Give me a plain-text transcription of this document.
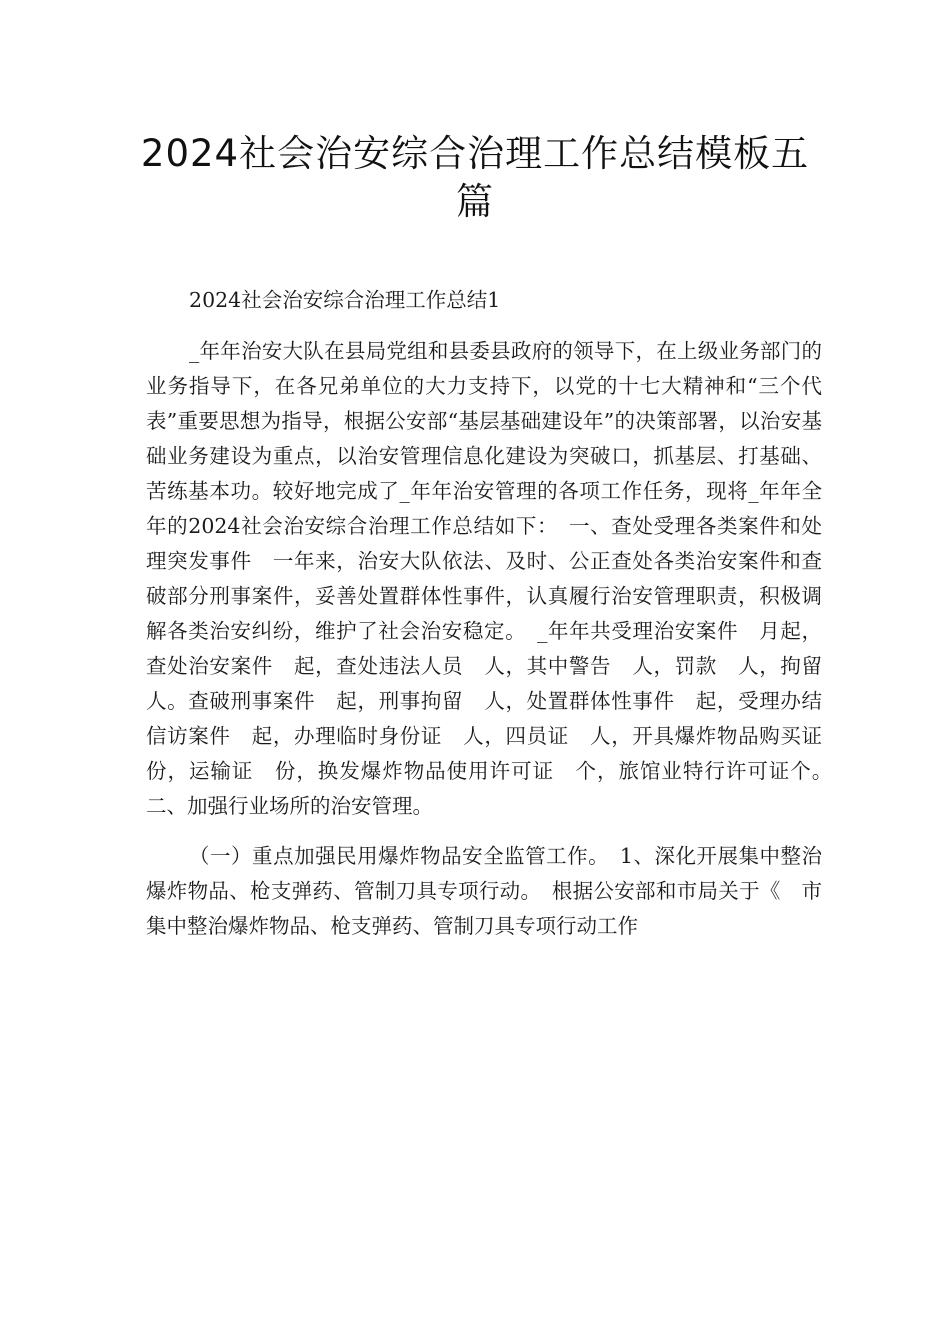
2024社会治安综合治理工作总结模板五
篇

2024社会治安综合治理工作总结1

_年年治安大队在县局党组和县委县政府的领导下，在上级业务部门的业务指导下，在各兄弟单位的大力支持下，以党的十七大精神和“三个代表”重要思想为指导，根据公安部“基层基础建设年”的决策部署，以治安基础业务建设为重点，以治安管理信息化建设为突破口，抓基层、打基础、苦练基本功。较好地完成了_年年治安管理的各项工作任务，现将_年年全年的2024社会治安综合治理工作总结如下：　一、查处受理各类案件和处理突发事件　一年来，治安大队依法、及时、公正查处各类治安案件和查破部分刑事案件，妥善处置群体性事件，认真履行治安管理职责，积极调解各类治安纠纷，维护了社会治安稳定。　_年年共受理治安案件　月起，查处治安案件　起，查处违法人员　人，其中警告　人，罚款　人，拘留　人。查破刑事案件　起，刑事拘留　人，处置群体性事件　起，受理办结信访案件　起，办理临时身份证　人，四员证　人，开具爆炸物品购买证份，运输证　份，换发爆炸物品使用许可证　个，旅馆业特行许可证个。　二、加强行业场所的治安管理。

（一）重点加强民用爆炸物品安全监管工作。　1、深化开展集中整治爆炸物品、枪支弹药、管制刀具专项行动。　根据公安部和市局关于《　市集中整治爆炸物品、枪支弹药、管制刀具专项行动工作
